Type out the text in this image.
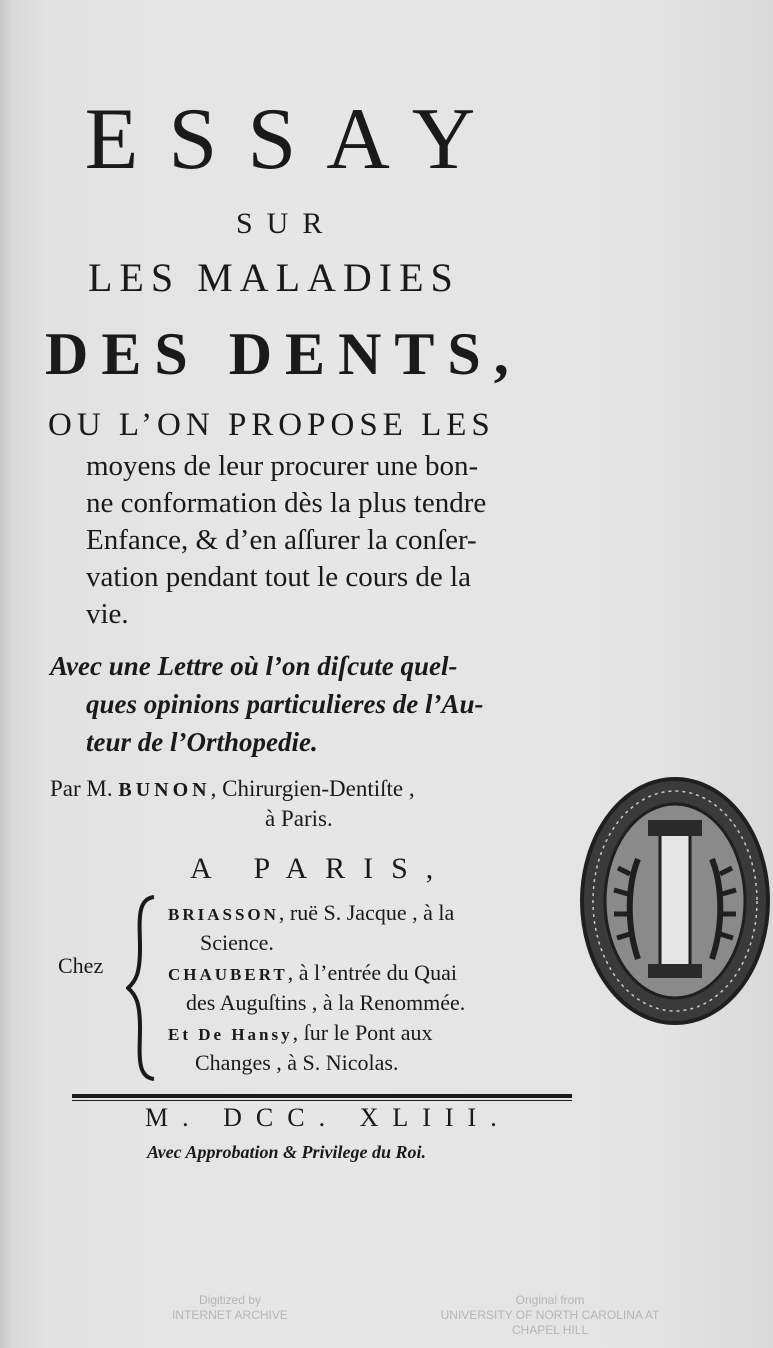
ESSAY
SUR
LES MALADIES
DES DENTS,
OU L’ON PROPOSE LES
moyens de leur procurer une bon-
ne conformation dès la plus tendre
Enfance, & d’en aſſurer la conſer-
vation pendant tout le cours de la
vie.
Avec une Lettre où l’on diſcute quel-
ques opinions particulieres de l’Au-
teur de l’Orthopedie.
Par M. BUNON, Chirurgien-Dentiſte ,
à Paris.
A PARIS,
Chez
BRIASSON, ruë S. Jacque , à la
Science.
CHAUBERT, à l’entrée du Quai
des Auguſtins , à la Renommée.
Et De Hansy, ſur le Pont aux
Changes , à S. Nicolas.
M. DCC. XLIII.
Avec Approbation & Privilege du Roi.
Digitized by
INTERNET ARCHIVE
Original from
UNIVERSITY OF NORTH CAROLINA AT
CHAPEL HILL
